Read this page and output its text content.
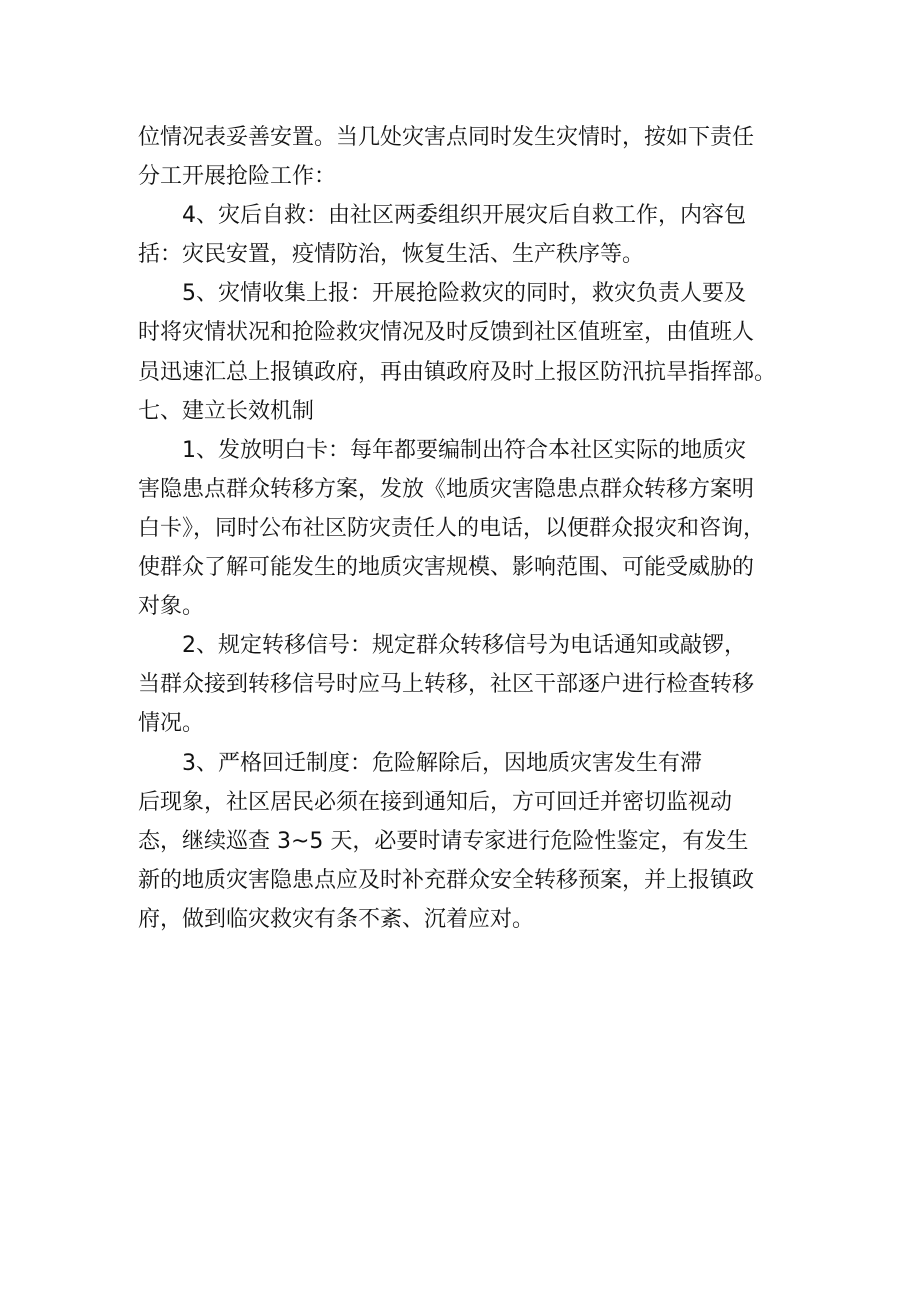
位情况表妥善安置。当几处灾害点同时发生灾情时，按如下责任
分工开展抢险工作：
4、灾后自救：由社区两委组织开展灾后自救工作，内容包
括：灾民安置，疫情防治，恢复生活、生产秩序等。
5、灾情收集上报：开展抢险救灾的同时，救灾负责人要及
时将灾情状况和抢险救灾情况及时反馈到社区值班室，由值班人
员迅速汇总上报镇政府，再由镇政府及时上报区防汛抗旱指挥部。
七、建立长效机制
1、发放明白卡：每年都要编制出符合本社区实际的地质灾
害隐患点群众转移方案，发放《地质灾害隐患点群众转移方案明
白卡》，同时公布社区防灾责任人的电话，以便群众报灾和咨询，
使群众了解可能发生的地质灾害规模、影响范围、可能受威胁的
对象。
2、规定转移信号：规定群众转移信号为电话通知或敲锣，
当群众接到转移信号时应马上转移，社区干部逐户进行检查转移
情况。
3、严格回迁制度：危险解除后，因地质灾害发生有滞
后现象，社区居民必须在接到通知后，方可回迁并密切监视动
态，继续巡查 3~5 天，必要时请专家进行危险性鉴定，有发生
新的地质灾害隐患点应及时补充群众安全转移预案，并上报镇政
府，做到临灾救灾有条不紊、沉着应对。
